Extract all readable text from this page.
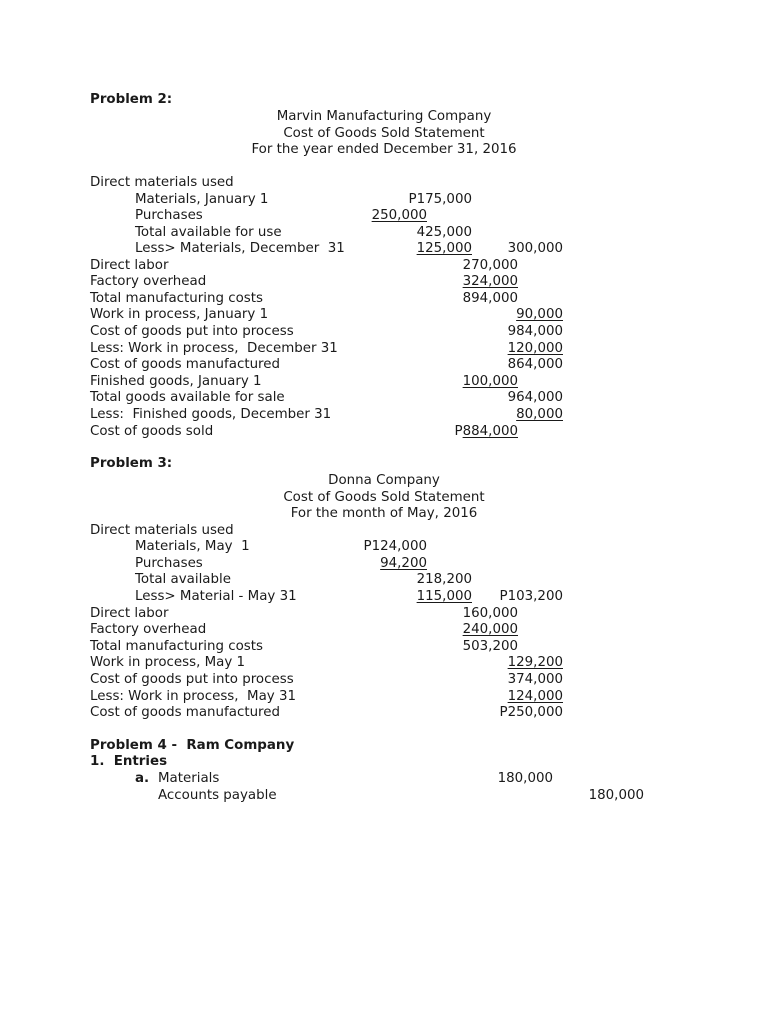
Problem 2:
Marvin Manufacturing Company
Cost of Goods Sold Statement
For the year ended December 31, 2016
Direct materials used
Materials, January 1	P175,000
Purchases	250,000
Total available for use	425,000
Less> Materials, December  31	125,000	300,000
Direct labor	270,000
Factory overhead	324,000
Total manufacturing costs	894,000
Work in process, January 1	90,000
Cost of goods put into process	984,000
Less: Work in process,  December 31	120,000
Cost of goods manufactured	864,000
Finished goods, January 1	100,000
Total goods available for sale	964,000
Less:  Finished goods, December 31	80,000
Cost of goods sold	P884,000
Problem 3:
Donna Company
Cost of Goods Sold Statement
For the month of May, 2016
Direct materials used
Materials, May  1	P124,000
Purchases	94,200
Total available	218,200
Less> Material - May 31	115,000	P103,200
Direct labor	160,000
Factory overhead	240,000
Total manufacturing costs	503,200
Work in process, May 1	129,200
Cost of goods put into process	374,000
Less: Work in process,  May 31	124,000
Cost of goods manufactured	P250,000
Problem 4 -  Ram Company
1.  Entries
a. Materials	180,000
Accounts payable	180,000
